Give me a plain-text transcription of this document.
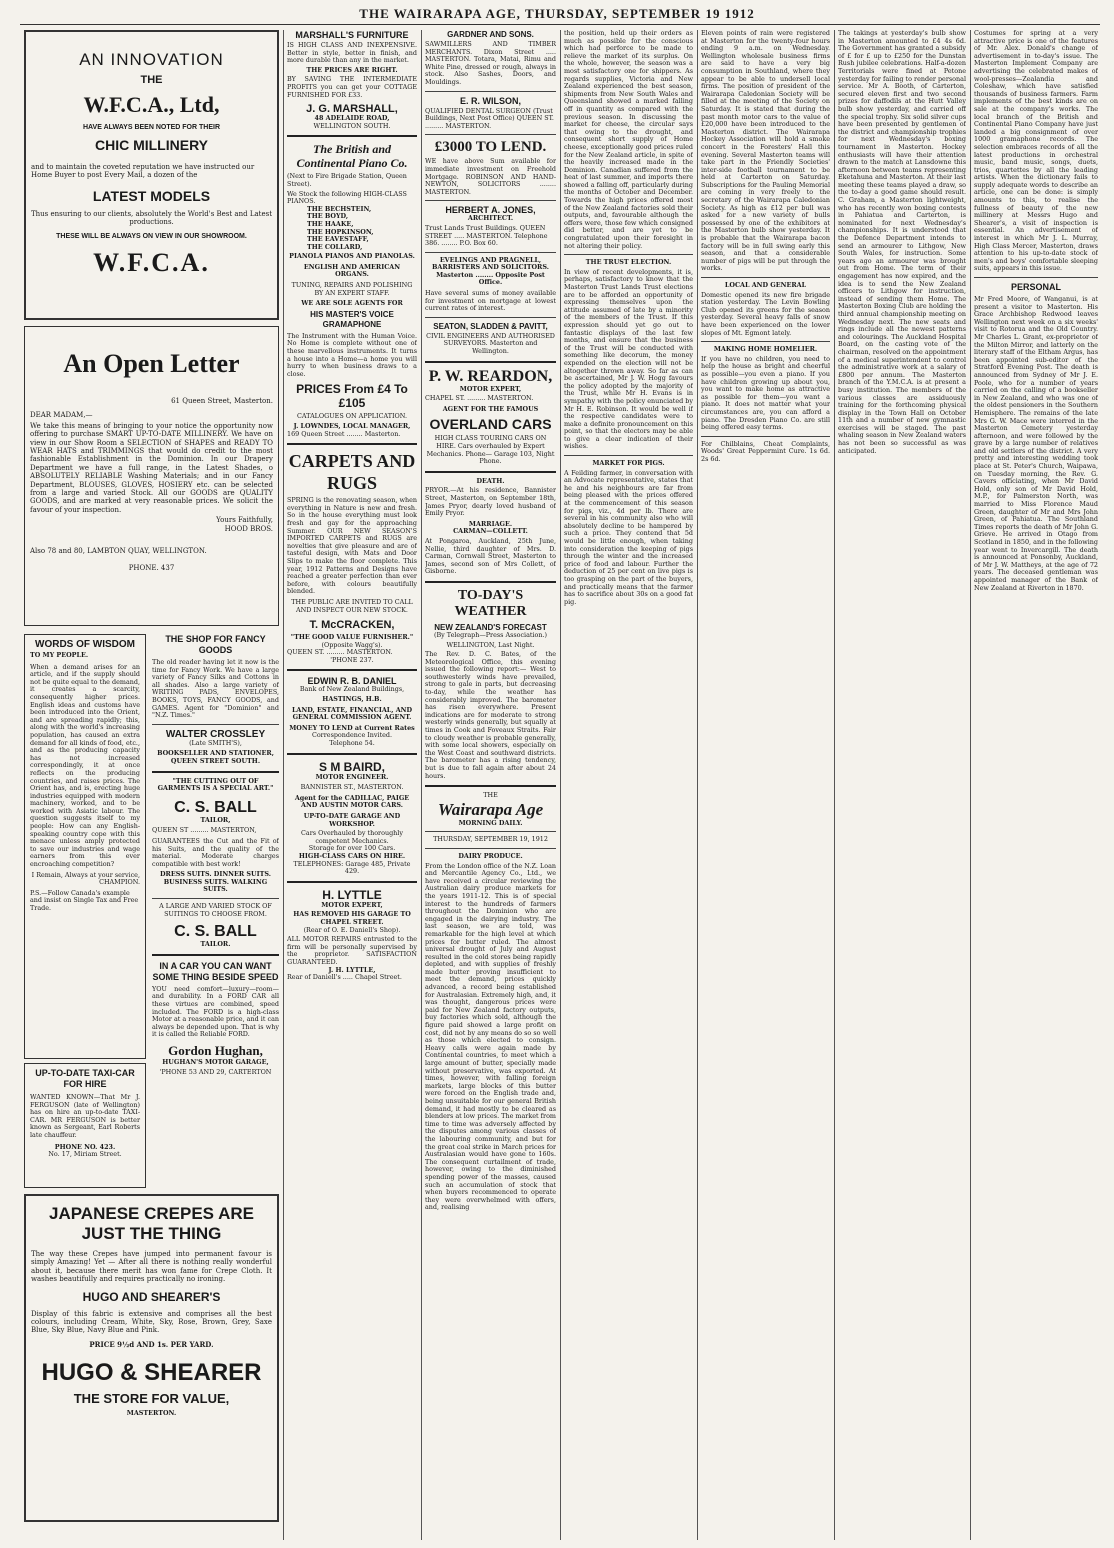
THE WAIRARAPA AGE, THURSDAY, SEPTEMBER 19 1912
AN INNOVATION
THE
W.F.C.A., Ltd,
HAVE ALWAYS BEEN NOTED FOR THEIR
CHIC MILLINERY
and to maintain the coveted reputation we have instructed our Home Buyer to post Every Mail, a dozen of the
LATEST MODELS
Thus ensuring to our clients, absolutely the World's Best and Latest productions.
THESE WILL BE ALWAYS ON VIEW IN OUR SHOWROOM.
W.F.C.A.
An Open Letter
61 Queen Street, Masterton.
DEAR MADAM,—
We take this means of bringing to your notice the opportunity now offering to purchase SMART UP-TO-DATE MILLINERY. We have on view in our Show Room a SELECTION of SHAPES and READY TO WEAR HATS and TRIMMINGS that would do credit to the most fashionable Establishment in the Dominion. In our Drapery Department we have a full range, in the Latest Shades, o ABSOLUTELY RELIABLE Washing Materials; and in our Fancy Department, BLOUSES, GLOVES, HOSIERY etc. can be selected from a large and varied Stock. All our GOODS are QUALITY GOODS, and are marked at very reasonable prices. We solicit the favour of your inspection.
Yours Faithfully,
HOOD BROS.
Also 78 and 80, LAMBTON QUAY, WELLINGTON.
PHONE. 437
WORDS OF WISDOM
TO MY PEOPLE.
When a demand arises for an article, and if the supply should not be quite equal to the demand, it creates a scarcity, consequently higher prices. English ideas and customs have been introduced into the Orient, and are spreading rapidly; this, along with the world's increasing population, has caused an extra demand for all kinds of food, etc., and as the producing capacity has not increased correspondingly, it at once reflects on the producing countries, and raises prices. The Orient has, and is, erecting huge industries equipped with modern machinery, worked, and to be worked with Asiatic labour. The question suggests itself to my people: How can any English-speaking country cope with this menace unless amply protected to save our industries and wage earners from this ever encroaching competition?
I Remain, Always at your service, CHAMPION.
P.S.—Follow Canada's example and insist on Single Tax and Free Trade.
UP-TO-DATE TAXI-CAR FOR HIRE
WANTED KNOWN—That Mr J. FERGUSON (late of Wellington) has on hire an up-to-date TAXI-CAR. MR FERGUSON is better known as Sergeant, Earl Roberts late chauffeur.
PHONE NO. 423.
No. 17, Miriam Street.
THE SHOP FOR FANCY GOODS
The old reader having let it now is the time for Fancy Work. We have a large variety of Fancy Silks and Cottons in all shades. Also a large variety of WRITING PADS, ENVELOPES, BOOKS, TOYS, FANCY GOODS, and GAMES. Agent for "Dominion" and "N.Z. Times."
WALTER CROSSLEY
(Late SMITH'S),
BOOKSELLER AND STATIONER,
QUEEN STREET SOUTH.
"THE CUTTING OUT OF GARMENTS IS A SPECIAL ART."
C. S. BALL
TAILOR,
QUEEN ST ......... MASTERTON,
GUARANTEES the Cut and the Fit of his Suits, and the quality of the material. Moderate charges compatible with best work!
DRESS SUITS. DINNER SUITS. BUSINESS SUITS. WALKING SUITS.
A LARGE AND VARIED STOCK OF SUITINGS TO CHOOSE FROM.
C. S. BALL
TAILOR.
IN A CAR YOU CAN WANT SOME THING BESIDE SPEED
YOU need comfort—luxury—room—and durability. In a FORD CAR all these virtues are combined, speed included. The FORD is a high-class Motor at a reasonable price, and it can always be depended upon. That is why it is called the Reliable FORD.
Gordon Hughan,
HUGHAN'S MOTOR GARAGE,
'PHONE 53 AND 29, CARTERTON
JAPANESE CREPES ARE JUST THE THING
The way these Crepes have jumped into permanent favour is simply Amazing! Yet — After all there is nothing really wonderful about it, because there merit has won fame for Crepe Cloth. It washes beautifully and requires practically no ironing.
HUGO AND SHEARER'S
Display of this fabric is extensive and comprises all the best colours, including Cream, White, Sky, Rose, Brown, Grey, Saxe Blue, Sky Blue, Navy Blue and Pink.
PRICE 9½d AND 1s. PER YARD.
HUGO & SHEARER
THE STORE FOR VALUE,
MASTERTON.
MARSHALL'S FURNITURE
IS HIGH CLASS AND INEXPENSIVE. Better in style, better in finish, and more durable than any in the market.
THE PRICES ARE RIGHT.
BY SAVING THE INTERMEDIATE PROFITS you can get your COTTAGE FURNISHED FOR £33.
J. G. MARSHALL,
48 ADELAIDE ROAD,
WELLINGTON SOUTH.
The British and Continental Piano Co.
(Next to Fire Brigade Station, Queen Street).
We Stock the following HIGH-CLASS PIANOS.
THE BECHSTEIN,
THE BOYD,
THE HAAKE,
THE HOPKINSON,
THE EAVESTAFF,
THE COLLARD,
PIANOLA PIANOS AND PIANOLAS.
ENGLISH AND AMERICAN ORGANS.
TUNING, REPAIRS AND POLISHING BY AN EXPERT STAFF.
WE ARE SOLE AGENTS FOR
HIS MASTER'S VOICE GRAMAPHONE
The Instrument with the Human Voice. No Home is complete without one of these marvellous instruments. It turns a house into a Home—a home you will hurry to when business draws to a close.
PRICES From £4 To £105
CATALOGUES ON APPLICATION.
J. LOWNDES, LOCAL MANAGER,
169 Queen Street ........ Masterton.
CARPETS AND RUGS
SPRING is the renovating season, when everything in Nature is new and fresh. So in the house everything must look fresh and gay for the approaching Summer. OUR NEW SEASON'S IMPORTED CARPETS and RUGS are novelties that give pleasure and are of tasteful design, with Mats and Door Slips to make the floor complete. This year, 1912 Patterns and Designs have reached a greater perfection than ever before, with colours beautifully blended.
THE PUBLIC ARE INVITED TO CALL AND INSPECT OUR NEW STOCK.
T. McCRACKEN,
"THE GOOD VALUE FURNISHER."
(Opposite Wagg's).
QUEEN ST. ......... MASTERTON.
'PHONE 237.
EDWIN R. B. DANIEL
Bank of New Zealand Buildings,
HASTINGS, H.B.
LAND, ESTATE, FINANCIAL, AND GENERAL COMMISSION AGENT.
MONEY TO LEND at Current Rates
Correspondence Invited.
Telephone 54.
S M BAIRD,
MOTOR ENGINEER.
BANNISTER ST., MASTERTON.
Agent for the CADILLAC, PAIGE AND AUSTIN MOTOR CARS.
UP-TO-DATE GARAGE AND WORKSHOP.
Cars Overhauled by thoroughly competent Mechanics.
Storage for over 100 Cars.
HIGH-CLASS CARS ON HIRE.
TELEPHONES: Garage 485, Private 429.
H. LYTTLE
MOTOR EXPERT,
HAS REMOVED HIS GARAGE TO CHAPEL STREET.
(Rear of O. E. Daniell's Shop).
ALL MOTOR REPAIRS entrusted to the firm will be personally supervised by the proprietor. SATISFACTION GUARANTEED.
J. H. LYTTLE,
Rear of Daniell's ..... Chapel Street.
GARDNER AND SONS.
SAWMILLERS AND TIMBER MERCHANTS. Dixon Street ..... MASTERTON. Totara, Matai, Rimu and White Pine, dressed or rough, always in stock. Also Sashes, Doors, and Mouldings.
E. R. WILSON,
QUALIFIED DENTAL SURGEON (Trust Buildings, Next Post Office) QUEEN ST. ......... MASTERTON.
£3000 TO LEND.
WE have above Sum available for immediate investment on Freehold Mortgage. ROBINSON AND HAND-NEWTON, SOLICITORS ........ MASTERTON.
HERBERT A. JONES,
ARCHITECT.
Trust Lands Trust Buildings. QUEEN STREET ..... MASTERTON. Telephone 386. ........ P.O. Box 60.
EVELINGS AND PRAGNELL, BARRISTERS AND SOLICITORS. Masterton ........ Opposite Post Office.
Have several sums of money available for investment on mortgage at lowest current rates of interest.
SEATON, SLADDEN & PAVITT,
CIVIL ENGINEERS AND AUTHORISED SURVEYORS. Masterton and Wellington.
P. W. REARDON,
MOTOR EXPERT,
CHAPEL ST. ......... MASTERTON.
AGENT FOR THE FAMOUS
OVERLAND CARS
HIGH CLASS TOURING CARS ON HIRE. Cars overhauled by Expert Mechanics. Phone— Garage 103, Night Phone.
DEATH.
PRYOR.—At his residence, Bannister Street, Masterton, on September 18th, James Pryor, dearly loved husband of Emily Pryor.
MARRIAGE.
CARMAN—COLLETT.
At Pongaroa, Auckland, 25th June, Nellie, third daughter of Mrs. D. Carman, Cornwall Street, Masterton to James, second son of Mrs Collett, of Gisborne.
TO-DAY'S WEATHER
NEW ZEALAND'S FORECAST
(By Telegraph—Press Association.)
WELLINGTON, Last Night.
The Rev. D. C. Bates, of the Meteorological Office, this evening issued the following report:— West to southwesterly winds have prevailed, strong to gale in parts, but decreasing to-day, while the weather has considerably improved. The barometer has risen everywhere. Present indications are for moderate to strong westerly winds generally, but squally at times in Cook and Foveaux Straits. Fair to cloudy weather is probable generally, with some local showers, especially on the West Coast and southward districts. The barometer has a rising tendency, but is due to fall again after about 24 hours.
THE
Wairarapa Age
MORNING DAILY.
THURSDAY, SEPTEMBER 19, 1912
DAIRY PRODUCE.
From the London office of the N.Z. Loan and Mercantile Agency Co., Ltd., we have received a circular reviewing the Australian dairy produce markets for the years 1911-12. This is of special interest to the hundreds of farmers throughout the Dominion who are engaged in the dairying industry. The last season, we are told, was remarkable for the high level at which prices for butter ruled. The almost universal drought of July and August resulted in the cold stores being rapidly depleted, and with supplies of freshly made butter proving insufficient to meet the demand, prices quickly advanced, a record being established for Australasian. Extremely high, and, it was thought, dangerous prices were paid for New Zealand factory outputs, buy factories which sold, although the figure paid showed a large profit on cost, did not by any means do so so well as those which elected to consign. Heavy calls were again made by Continental countries, to meet which a large amount of butter, specially made without preservative, was exported. At times, however, with falling foreign markets, large blocks of this butter were forced on the English trade and, being unsuitable for our general British demand, it had mostly to be cleared as blenders at low prices. The market from time to time was adversely affected by the disputes among various classes of the labouring community, and but for the great coal strike in March prices for Australasian would have gone to 160s. The consequent curtailment of trade, however, owing to the diminished spending power of the masses, caused such an accumulation of stock that when buyers recommenced to operate they were overwhelmed with offers, and, realising
the position, held up their orders as much as possible for the conscious which had perforce to be made to relieve the market of its surplus. On the whole, however, the season was a most satisfactory one for shippers. As regards supplies, Victoria and New Zealand experienced the best season, shipments from New South Wales and Queensland showed a marked falling off in quantity as compared with the previous season. In discussing the market for cheese, the circular says that owing to the drought, and consequent short supply of Home cheese, exceptionally good prices ruled for the New Zealand article, in spite of the heavily increased made in the Dominion. Canadian suffered from the heat of last summer, and imports there showed a falling off, particularly during the months of October and December. Towards the high prices offered most of the New Zealand factories sold their outputs, and, favourable although the offers were, those few which consigned did better, and are yet to be congratulated upon their foresight in not altering their policy.
THE TRUST ELECTION.
In view of recent developments, it is, perhaps, satisfactory to know that the Masterton Trust Lands Trust elections are to be afforded an opportunity of expressing themselves upon the attitude assumed of late by a minority of the members of the Trust. If this expression should yet go out to fantastic displays of the last few months, and ensure that the business of the Trust will be conducted with something like decorum, the money expended on the election will not be altogether thrown away. So far as can be ascertained, Mr J. W. Hogg favours the policy adopted by the majority of the Trust, while Mr H. Evans is in sympathy with the policy enunciated by Mr H. E. Robinson. It would be well if the respective candidates were to make a definite pronouncement on this point, so that the electors may be able to give a clear indication of their wishes.
MARKET FOR PIGS.
A Feilding farmer, in conversation with an Advocate representative, states that he and his neighbours are far from being pleased with the prices offered at the commencement of this season for pigs, viz., 4d per lb. There are several in his community also who will absolutely decline to be hampered by such a price. They contend that 5d would be little enough, when taking into consideration the keeping of pigs through the winter and the increased price of food and labour. Further the deduction of 25 per cent on live pigs is too grasping on the part of the buyers, and practically means that the farmer has to sacrifice about 30s on a good fat pig.
Eleven points of rain were registered at Masterton for the twenty-four hours ending 9 a.m. on Wednesday. Wellington wholesale business firms are said to have a very big consumption in Southland, where they appear to be able to undersell local firms. The position of president of the Wairarapa Caledonian Society will be filled at the meeting of the Society on Saturday. It is stated that during the past month motor cars to the value of £20,000 have been introduced to the Masterton district. The Wairarapa Hockey Association will hold a smoke concert in the Foresters' Hall this evening. Several Masterton teams will take part in the Friendly Societies' inter-side football tournament to be held at Carterton on Saturday. Subscriptions for the Pauling Memorial are coming in very freely to the secretary of the Wairarapa Caledonian Society. As high as £12 per bull was asked for a new variety of bulls possessed by one of the exhibitors at the Masterton bulb show yesterday. It is probable that the Wairarapa bacon factory will be in full swing early this season, and that a considerable number of pigs will be put through the works.
LOCAL AND GENERAL
Domestic opened its new fire brigade station yesterday. The Levin Bowling Club opened its greens for the season yesterday. Several heavy falls of snow have been experienced on the lower slopes of Mt. Egmont lately.
MAKING HOME HOMELIER.
If you have no children, you need to help the house as bright and cheerful as possible—you even a piano. If you have children growing up about you, you want to make home as attractive as possible for them—you want a piano. It does not matter what your circumstances are, you can afford a piano. The Dresden Piano Co. are still being offered easy terms.
For Chilblains, Cheat Complaints, Woods' Great Peppermint Cure. 1s 6d. 2s 6d.
The takings at yesterday's bulb show in Masterton amounted to £4 4s 6d. The Government has granted a subsidy of £ for £ up to £250 for the Dunstan Rush jubilee celebrations. Half-a-dozen Territorials were fined at Petone yesterday for failing to render personal service. Mr A. Booth, of Carterton, secured eleven first and two second prizes for daffodils at the Hutt Valley bulb show yesterday, and carried off the special trophy. Six solid silver cups have been presented by gentlemen of the district and championship trophies for next Wednesday's boxing tournament in Masterton. Hockey enthusiasts will have their attention drawn to the match at Lansdowne this afternoon between teams representing Eketahuna and Masterton. At their last meeting these teams played a draw, so the to-day a good game should result. C. Graham, a Masterton lightweight, who has recently won boxing contests in Pahiatua and Carterton, is nominated for next Wednesday's championships. It is understood that the Defence Department intends to send an armourer to Lithgow, New South Wales, for instruction. Some years ago an armourer was brought out from Home. The term of their engagement has now expired, and the idea is to send the New Zealand officers to Lithgow for instruction, instead of sending them Home. The Masterton Boxing Club are holding the third annual championship meeting on Wednesday next. The new seats and rings include all the newest patterns and colourings. The Auckland Hospital Board, on the casting vote of the chairman, resolved on the appointment of a medical superintendent to control the administrative work at a salary of £800 per annum. The Masterton branch of the Y.M.C.A. is at present a busy institution. The members of the various classes are assiduously training for the forthcoming physical display in the Town Hall on October 11th and a number of new gymnastic exercises will be staged. The past whaling season in New Zealand waters has not been so successful as was anticipated.
Costumes for spring at a very attractive price is one of the features of Mr. Alex. Donald's change of advertisement in to-day's issue. The Masterton Implement Company are advertising the celebrated makes of wool-presses—Zealandia and Coleshaw, which have satisfied thousands of business farmers. Farm implements of the best kinds are on sale at the company's works. The local branch of the British and Continental Piano Company have just landed a big consignment of over 1000 gramaphone records. The selection embraces records of all the latest productions in orchestral music, band music, songs, duets, trios, quartettes by all the leading artists. When the dictionary fails to supply adequate words to describe an article, one can be done: is simply amounts to this, to realise the fullness of beauty of the new millinery at Messrs Hugo and Shearer's, a visit of inspection is essential. An advertisement of interest in which Mr J. L. Murray, High Class Mercer, Masterton, draws attention to his up-to-date stock of men's and boys' comfortable sleeping suits, appears in this issue.
PERSONAL
Mr Fred Moore, of Wanganui, is at present a visitor to Masterton. His Grace Archbishop Redwood leaves Wellington next week on a six weeks' visit to Rotorua and the Old Country. Mr Charles L. Grant, ex-proprietor of the Milton Mirror, and latterly on the literary staff of the Eltham Argus, has been appointed sub-editor of the Stratford Evening Post. The death is announced from Sydney of Mr J. E. Poole, who for a number of years carried on the calling of a bookseller in New Zealand, and who was one of the oldest pensioners in the Southern Hemisphere. The remains of the late Mrs G. W. Mace were interred in the Masterton Cemetery yesterday afternoon, and were followed by the grave by a large number of relatives and old settlers of the district. A very pretty and interesting wedding took place at St. Peter's Church, Waipawa, on Tuesday morning, the Rev. G. Cavers officiating, when Mr David Hold, only son of Mr David Hold, M.P., for Palmerston North, was married to Miss Florence Maud Green, daughter of Mr and Mrs John Green, of Pahiatua. The Southland Times reports the death of Mr John G. Grieve. He arrived in Otago from Scotland in 1850, and in the following year went to Invercargill. The death is announced at Ponsonby, Auckland, of Mr J. W. Mattheys, at the age of 72 years. The deceased gentleman was appointed manager of the Bank of New Zealand at Riverton in 1870.
